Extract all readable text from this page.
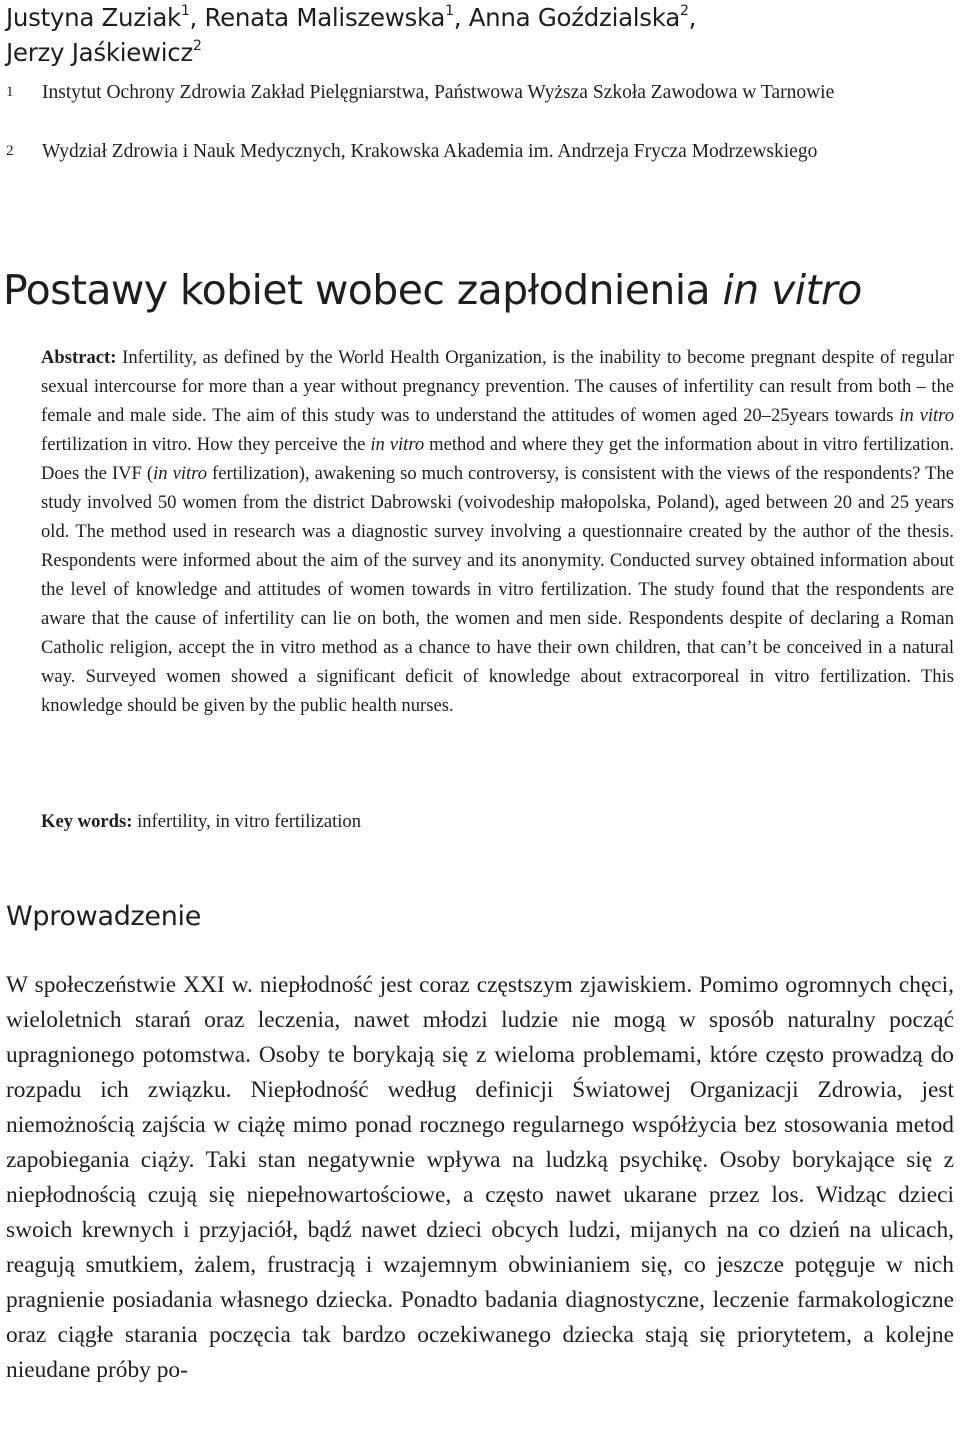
Justyna Zuziak$^1$, Renata Maliszewska$^1$, Anna Goździalska$^2$,
Jerzy Jaśkiewicz$^2$
1 Instytut Ochrony Zdrowia Zakład Pielęgniarstwa, Państwowa Wyższa Szkoła Zawodowa w Tarnowie
2 Wydział Zdrowia i Nauk Medycznych, Krakowska Akademia im. Andrzeja Frycza Modrzewskiego
Postawy kobiet wobec zapłodnienia in vitro
Abstract: Infertility, as defined by the World Health Organization, is the inability to become pregnant despite of regular sexual intercourse for more than a year without pregnancy prevention. The causes of infertility can result from both – the female and male side. The aim of this study was to understand the attitudes of women aged 20–25years towards in vitro fertilization in vitro. How they perceive the in vitro method and where they get the information about in vitro fertilization. Does the IVF (in vitro fertilization), awakening so much controversy, is consistent with the views of the respondents? The study involved 50 women from the district Dabrowski (voivodeship małopolska, Poland), aged between 20 and 25 years old. The method used in research was a diagnostic survey involving a questionnaire created by the author of the thesis. Respondents were informed about the aim of the survey and its anonymity. Conducted survey obtained information about the level of knowledge and attitudes of women towards in vitro fertilization. The study found that the respondents are aware that the cause of infertility can lie on both, the women and men side. Respondents despite of declaring a Roman Catholic religion, accept the in vitro method as a chance to have their own children, that can’t be conceived in a natural way. Surveyed women showed a significant deficit of knowledge about extracorporeal in vitro fertilization. This knowledge should be given by the public health nurses.
Key words: infertility, in vitro fertilization
Wprowadzenie
W społeczeństwie XXI w. niepłodność jest coraz częstszym zjawiskiem. Pomimo ogromnych chęci, wieloletnich starań oraz leczenia, nawet młodzi ludzie nie mogą w sposób naturalny począć upragnionego potomstwa. Osoby te borykają się z wieloma problemami, które często prowadzą do rozpadu ich związku. Niepłodność według definicji Światowej Organizacji Zdrowia, jest niemożnością zajścia w ciążę mimo ponad rocznego regularnego współżycia bez stosowania metod zapobiegania ciąży. Taki stan negatywnie wpływa na ludzką psychikę. Osoby borykające się z niepłodnością czują się niepełnowartościowe, a często nawet ukarane przez los. Widząc dzieci swoich krewnych i przyjaciół, bądź nawet dzieci obcych ludzi, mijanych na co dzień na ulicach, reagują smutkiem, żalem, frustracją i wzajemnym obwinianiem się, co jeszcze potęguje w nich pragnienie posiadania własnego dziecka. Ponadto badania diagnostyczne, leczenie farmakologiczne oraz ciągłe starania poczęcia tak bardzo oczekiwanego dziecka stają się priorytetem, a kolejne nieudane próby po-
